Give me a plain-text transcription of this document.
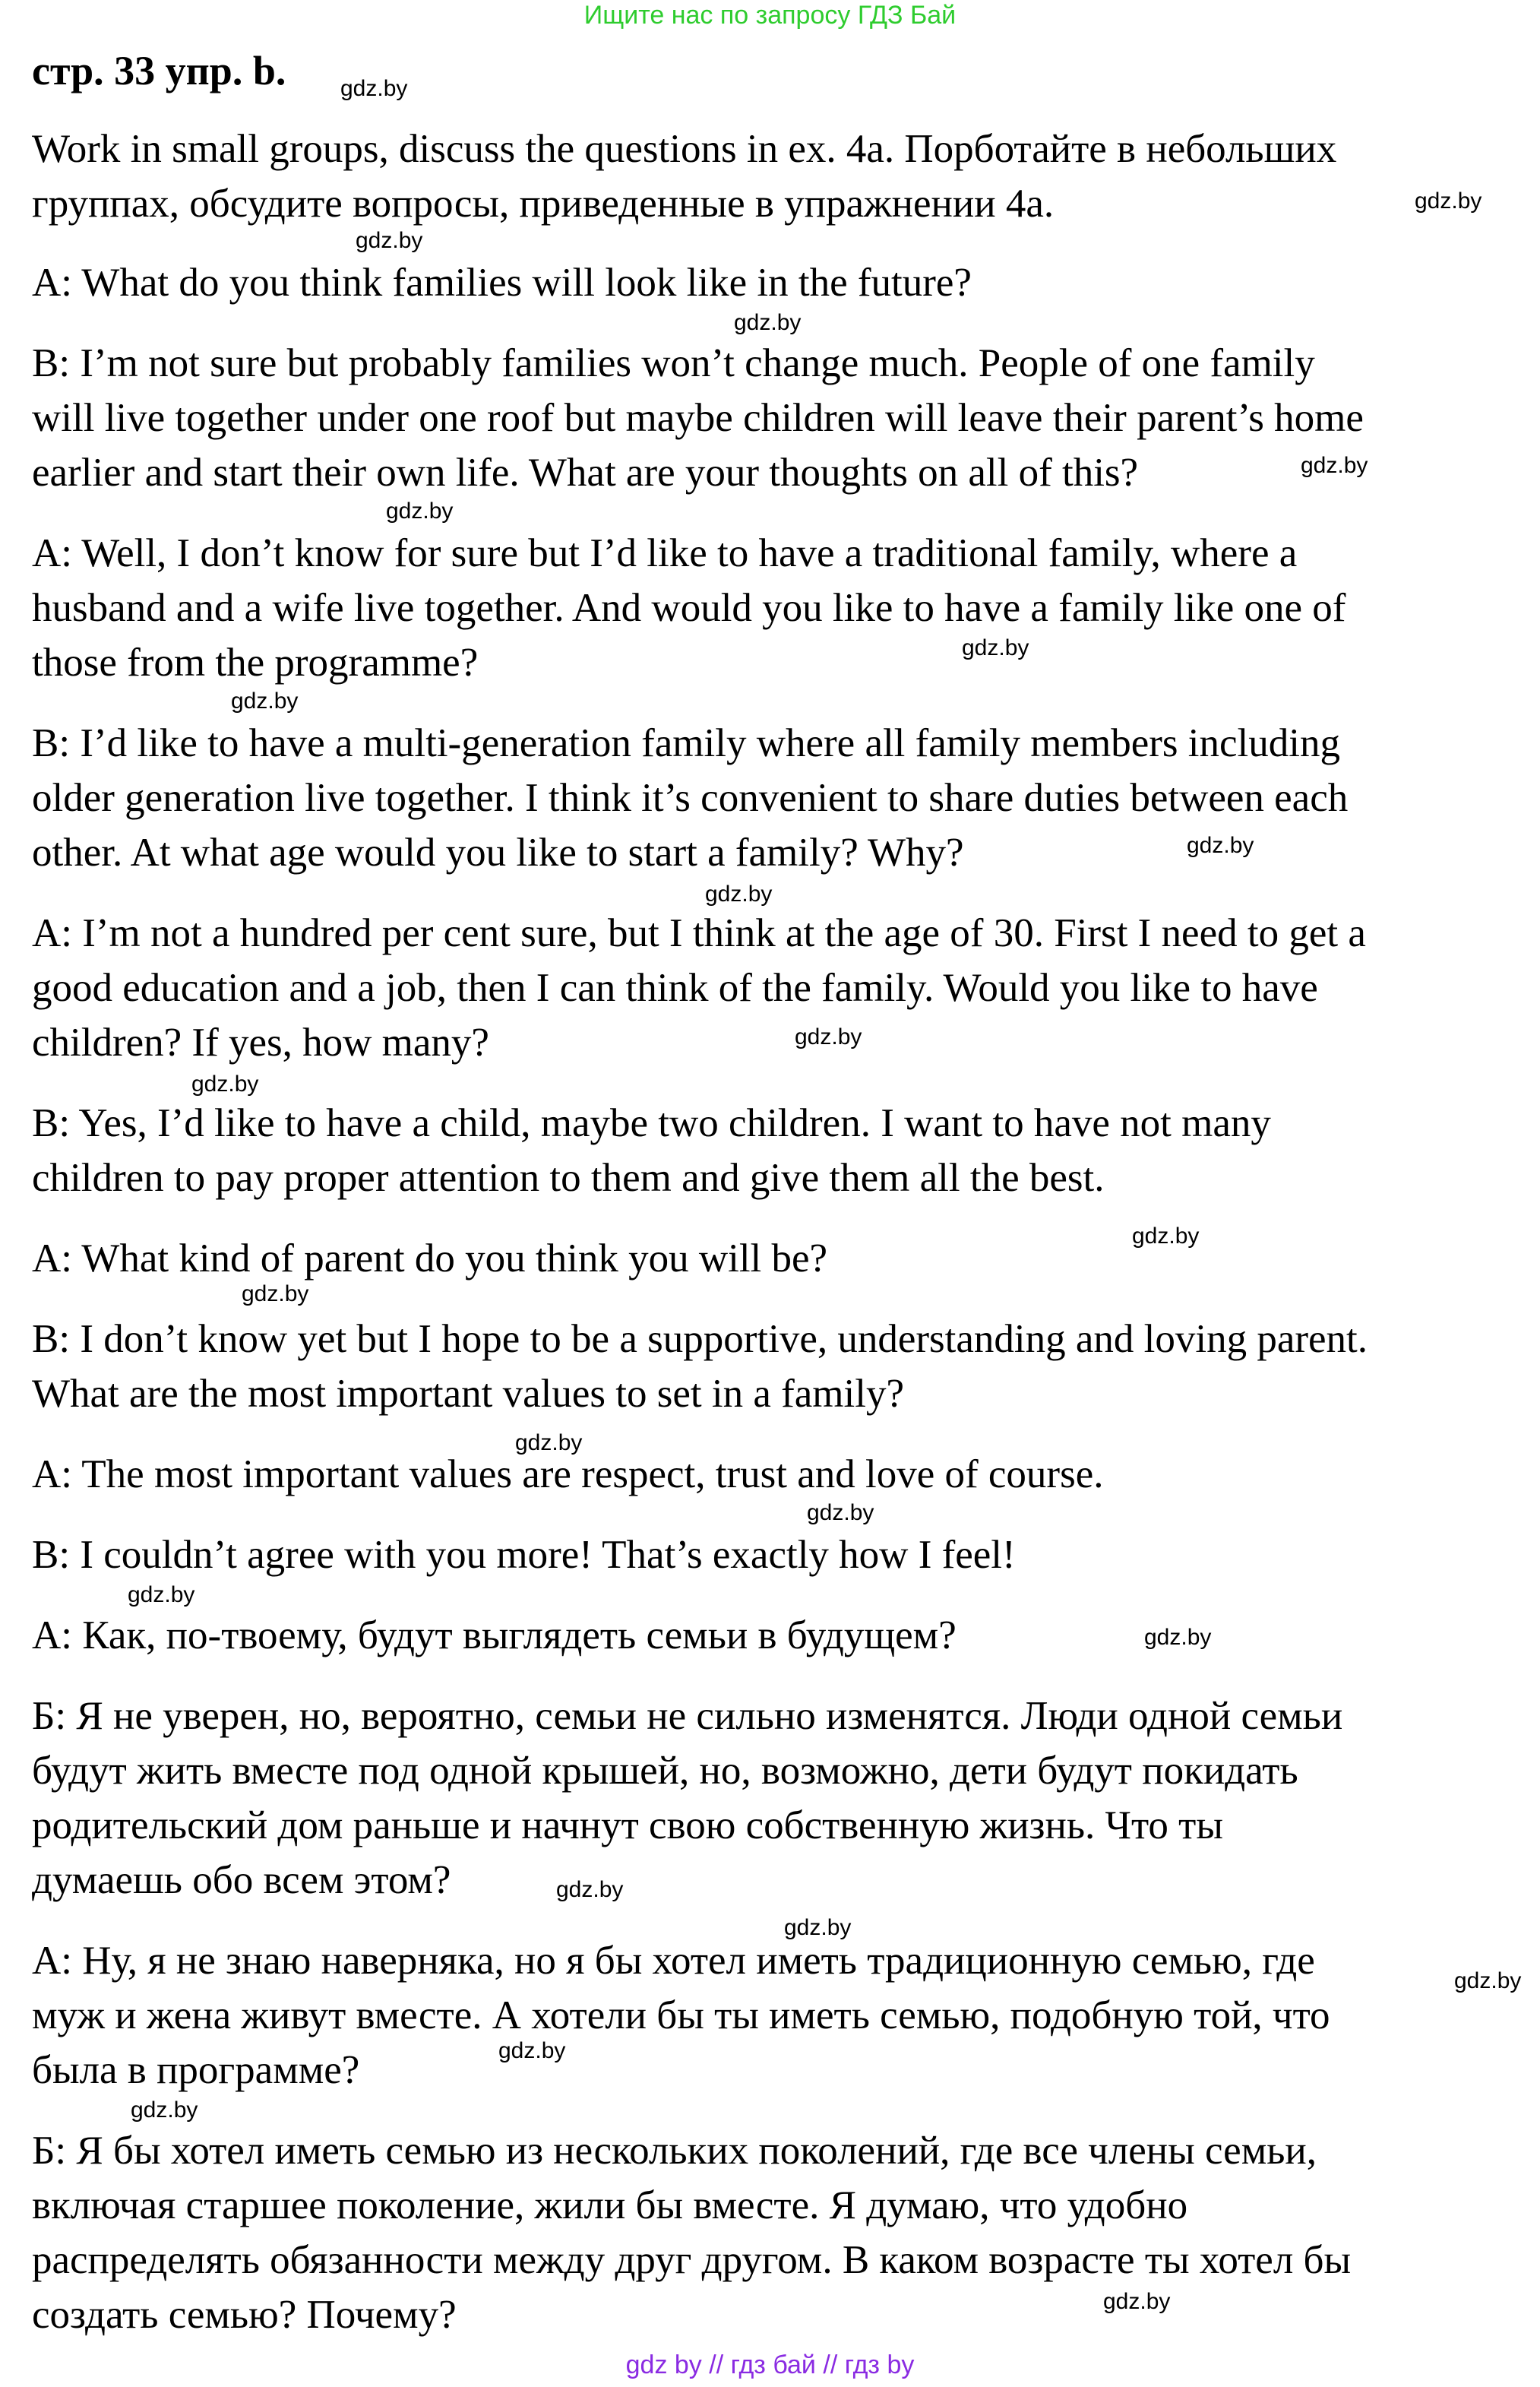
Ищите нас по запросу ГДЗ Бай
стр. 33 упр. b.
Work in small groups, discuss the questions in ex. 4a. Порботайте в небольших
группах, обсудите вопросы, приведенные в упражнении 4a.
A: What do you think families will look like in the future?
B: I’m not sure but probably families won’t change much. People of one family
will live together under one roof but maybe children will leave their parent’s home
earlier and start their own life. What are your thoughts on all of this?
A: Well, I don’t know for sure but I’d like to have a traditional family, where a
husband and a wife live together. And would you like to have a family like one of
those from the programme?
B: I’d like to have a multi-generation family where all family members including
older generation live together. I think it’s convenient to share duties between each
other. At what age would you like to start a family? Why?
A: I’m not a hundred per cent sure, but I think at the age of 30. First I need to get a
good education and a job, then I can think of the family. Would you like to have
children? If yes, how many?
B: Yes, I’d like to have a child, maybe two children. I want to have not many
children to pay proper attention to them and give them all the best.
A: What kind of parent do you think you will be?
B: I don’t know yet but I hope to be a supportive, understanding and loving parent.
What are the most important values to set in a family?
A: The most important values are respect, trust and love of course.
B: I couldn’t agree with you more! That’s exactly how I feel!
А: Как, по-твоему, будут выглядеть семьи в будущем?
Б: Я не уверен, но, вероятно, семьи не сильно изменятся. Люди одной семьи
будут жить вместе под одной крышей, но, возможно, дети будут покидать
родительский дом раньше и начнут свою собственную жизнь. Что ты
думаешь обо всем этом?
А: Ну, я не знаю наверняка, но я бы хотел иметь традиционную семью, где
муж и жена живут вместе. А хотели бы ты иметь семью, подобную той, что
была в программе?
Б: Я бы хотел иметь семью из нескольких поколений, где все члены семьи,
включая старшее поколение, жили бы вместе. Я думаю, что удобно
распределять обязанности между друг другом. В каком возрасте ты хотел бы
создать семью? Почему?
gdz.by
gdz.by
gdz.by
gdz.by
gdz.by
gdz.by
gdz.by
gdz.by
gdz.by
gdz.by
gdz.by
gdz.by
gdz.by
gdz.by
gdz.by
gdz.by
gdz.by
gdz.by
gdz.by
gdz.by
gdz.by
gdz.by
gdz.by
gdz.by
gdz by // гдз бай // гдз by
